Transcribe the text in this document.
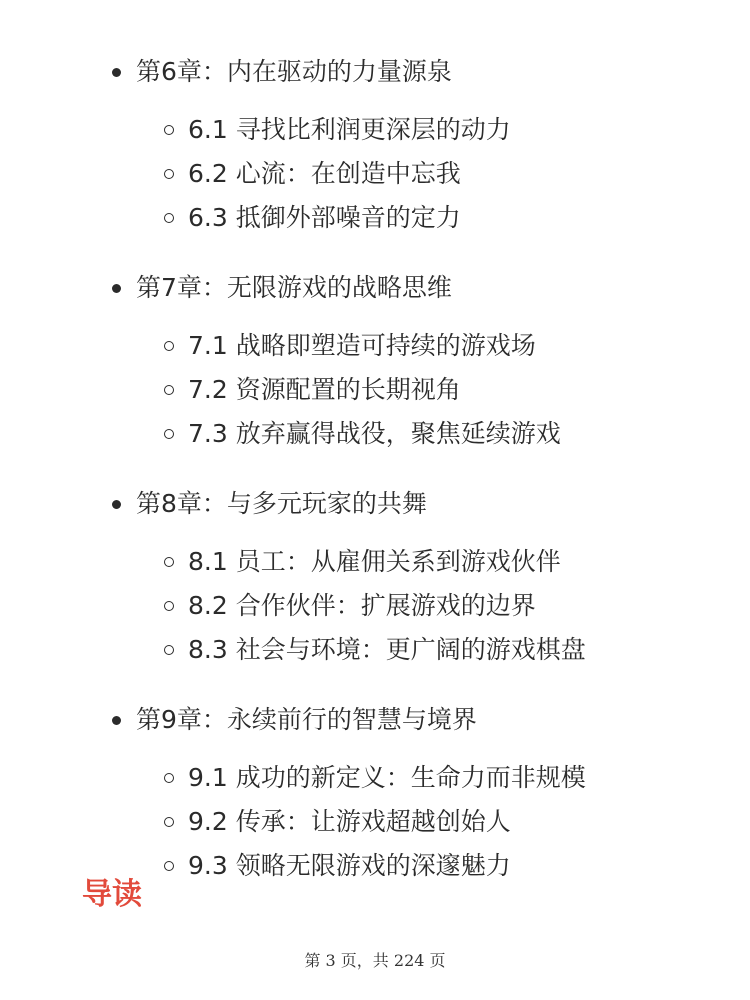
第6章：内在驱动的力量源泉
6.1 寻找比利润更深层的动力
6.2 心流：在创造中忘我
6.3 抵御外部噪音的定力
第7章：无限游戏的战略思维
7.1 战略即塑造可持续的游戏场
7.2 资源配置的长期视角
7.3 放弃赢得战役，聚焦延续游戏
第8章：与多元玩家的共舞
8.1 员工：从雇佣关系到游戏伙伴
8.2 合作伙伴：扩展游戏的边界
8.3 社会与环境：更广阔的游戏棋盘
第9章：永续前行的智慧与境界
9.1 成功的新定义：生命力而非规模
9.2 传承：让游戏超越创始人
9.3 领略无限游戏的深邃魅力
导读
第 3 页，共 224 页
